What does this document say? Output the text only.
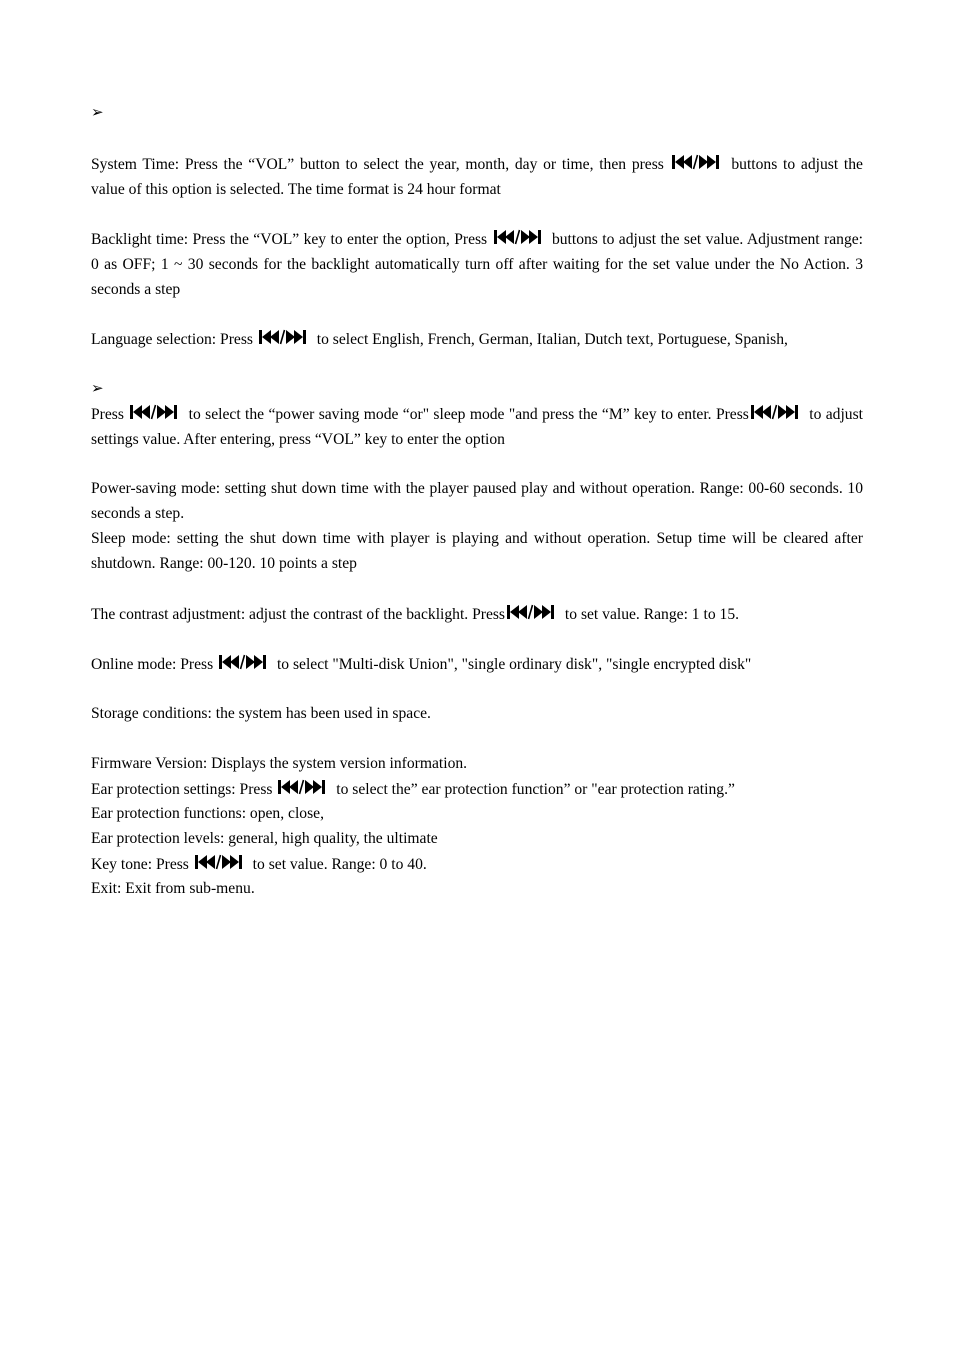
➢

System Time: Press the “VOL” button to select the year, month, day or time, then press	buttons to adjust the value of this option is selected. The time format is 24 hour format

Backlight time: Press the “VOL” key to enter the option, Press	buttons to adjust the set value. Adjustment range: 0 as OFF; 1 ~ 30 seconds for the backlight automatically turn off after waiting for the set value under the No Action. 3 seconds a step

Language selection: Press	to select English, French, German, Italian, Dutch text, Portuguese, Spanish,

➢

Press	to select the “power saving mode “or" sleep mode "and press the “M” key to enter. Press	to adjust settings value. After entering, press “VOL” key to enter the option

Power-saving mode: setting shut down time with the player paused play and without operation. Range: 00-60 seconds. 10 seconds a step.

Sleep mode: setting the shut down time with player is playing and without operation. Setup time will be cleared after shutdown. Range: 00-120. 10 points a step

The contrast adjustment: adjust the contrast of the backlight. Press	to set value. Range: 1 to 15.

Online mode: Press	to select "Multi-disk Union", "single ordinary disk", "single encrypted disk"

Storage conditions: the system has been used in space.

Firmware Version: Displays the system version information.

Ear protection settings: Press	to select the” ear protection function” or "ear protection rating.”

Ear protection functions: open, close,

Ear protection levels: general, high quality, the ultimate

Key tone: Press	to set value. Range: 0 to 40.

Exit: Exit from sub-menu.
